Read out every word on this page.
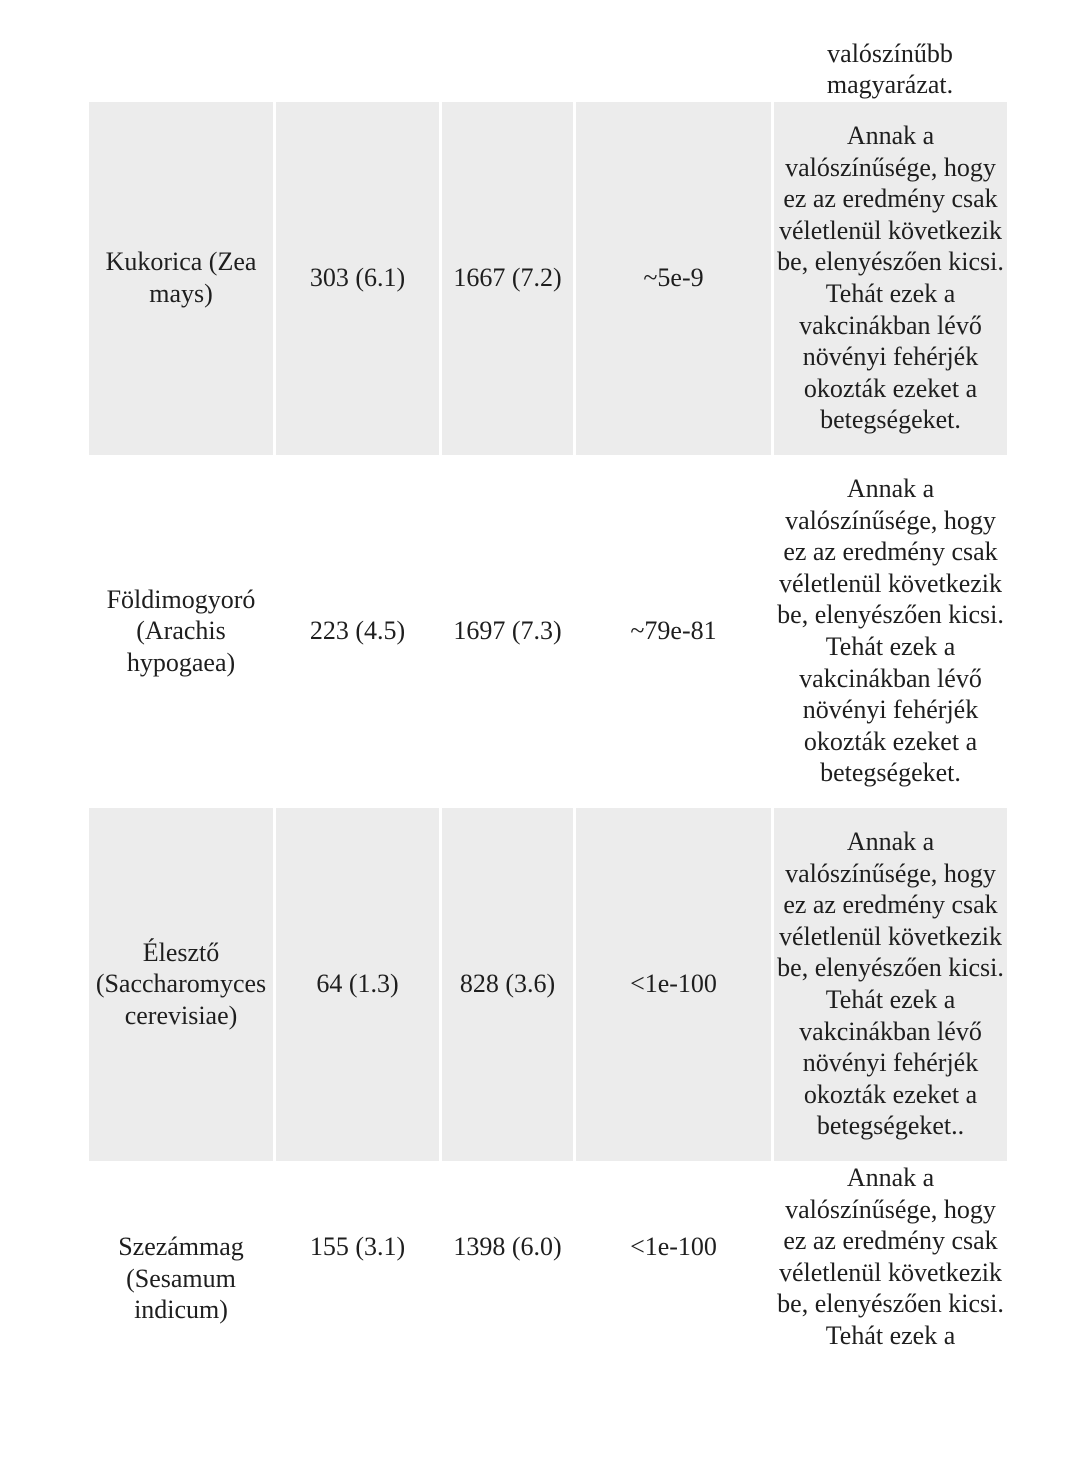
valószínűbb magyarázat.
Kukorica (Zea mays)	303 (6.1)	1667 (7.2)	~5e-9	Annak a valószínűsége, hogy ez az eredmény csak véletlenül következik be, elenyészően kicsi. Tehát ezek a vakcinákban lévő növényi fehérjék okozták ezeket a betegségeket.

Földimogyoró (Arachis hypogaea)	223 (4.5)	1697 (7.3)	~79e-81	Annak a valószínűsége, hogy ez az eredmény csak véletlenül következik be, elenyészően kicsi. Tehát ezek a vakcinákban lévő növényi fehérjék okozták ezeket a betegségeket.

Élesztő (Saccharomyces cerevisiae)	64 (1.3)	828 (3.6)	<1e-100	Annak a valószínűsége, hogy ez az eredmény csak véletlenül következik be, elenyészően kicsi. Tehát ezek a vakcinákban lévő növényi fehérjék okozták ezeket a betegségeket..

Szezámmag (Sesamum indicum)	155 (3.1)	1398 (6.0)	<1e-100	Annak a valószínűsége, hogy ez az eredmény csak véletlenül következik be, elenyészően kicsi. Tehát ezek a
